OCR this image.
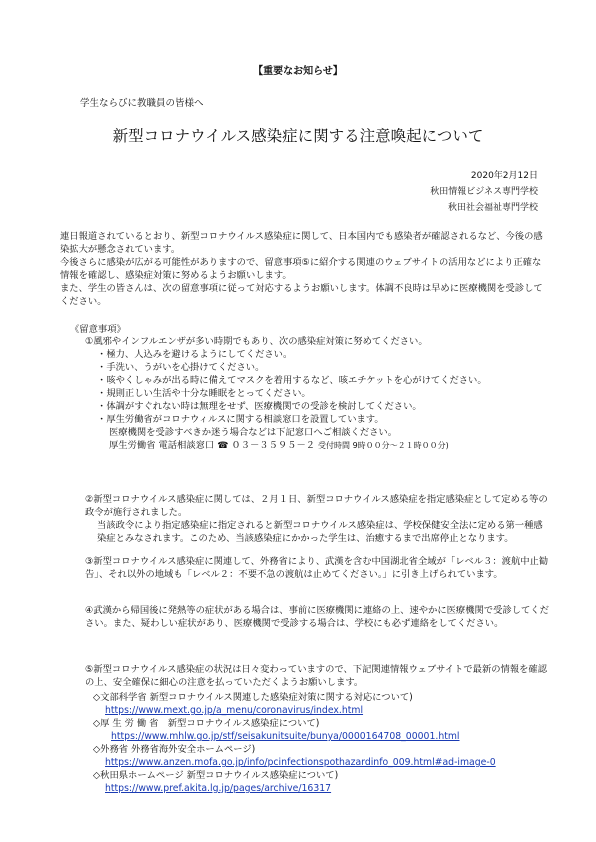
【重要なお知らせ】
学生ならびに教職員の皆様へ
新型コロナウイルス感染症に関する注意喚起について
2020年2月12日
秋田情報ビジネス専門学校
秋田社会福祉専門学校

連日報道されているとおり、新型コロナウイルス感染症に関して、日本国内でも感染者が確認されるなど、今後の感染拡大が懸念されています。

今後さらに感染が広がる可能性がありますので、留意事項⑤に紹介する関連のウェブサイトの活用などにより正確な情報を確認し、感染症対策に努めるようお願いします。

また、学生の皆さんは、次の留意事項に従って対応するようお願いします。体調不良時は早めに医療機関を受診してください。

《留意事項》

①風邪やインフルエンザが多い時期でもあり、次の感染症対策に努めてください。

・ 極力、人込みを避けるようにしてください。
・ 手洗い、うがいを心掛けてください。
・ 咳やくしゃみが出る時に備えてマスクを着用するなど、咳エチケットを心がけてください。
・ 規則正しい生活や十分な睡眠をとってください。
・ 体調がすぐれない時は無理をせず、医療機関での受診を検討してください。
・ 厚生労働省がコロナウィルスに関する相談窓口を設置しています。

医療機関を受診すべきか迷う場合などは下記窓口へご相談ください。

厚生労働省 電話相談窓口 ☎ ０３－３５９５－２ 受付時間 9時００分～２１時００分)

②新型コロナウイルス感染症に関しては、２月１日、新型コロナウイルス感染症を指定感染症として定める等の政令が施行されました。

当該政令により指定感染症に指定されると新型コロナウイルス感染症は、学校保健安全法に定める第一種感染症とみなされます。このため、当該感染症にかかった学生は、治癒するまで出席停止となります。

③新型コロナウイルス感染症に関連して、外務省により、武漢を含む中国湖北省全域が「レベル３：渡航中止勧告」、それ以外の地域も「レベル２：不要不急の渡航は止めてください。」に引き上げられています。

④武漢から帰国後に発熱等の症状がある場合は、事前に医療機関に連絡の上、速やかに医療機関で受診してください。また、疑わしい症状があり、医療機関で受診する場合は、学校にも必ず連絡をしてください。

⑤新型コロナウイルス感染症の状況は日々変わっていますので、下記関連情報ウェブサイトで最新の情報を確認の上、安全確保に細心の注意を払っていただくようお願いします。

◇文部科学省 新型コロナウイルス関連した感染症対策に関する対応について)

https://www.mext.go.jp/a_menu/coronavirus/index.html

◇厚 生 労 働 省　新型コロナウイルス感染症について)

https://www.mhlw.go.jp/stf/seisakunitsuite/bunya/0000164708_00001.html

◇外務省 外務省海外安全ホームページ)

https://www.anzen.mofa.go.jp/info/pcinfectionspothazardinfo_009.html#ad-image-0

◇秋田県ホームページ 新型コロナウイルス感染症について)

https://www.pref.akita.lg.jp/pages/archive/16317
